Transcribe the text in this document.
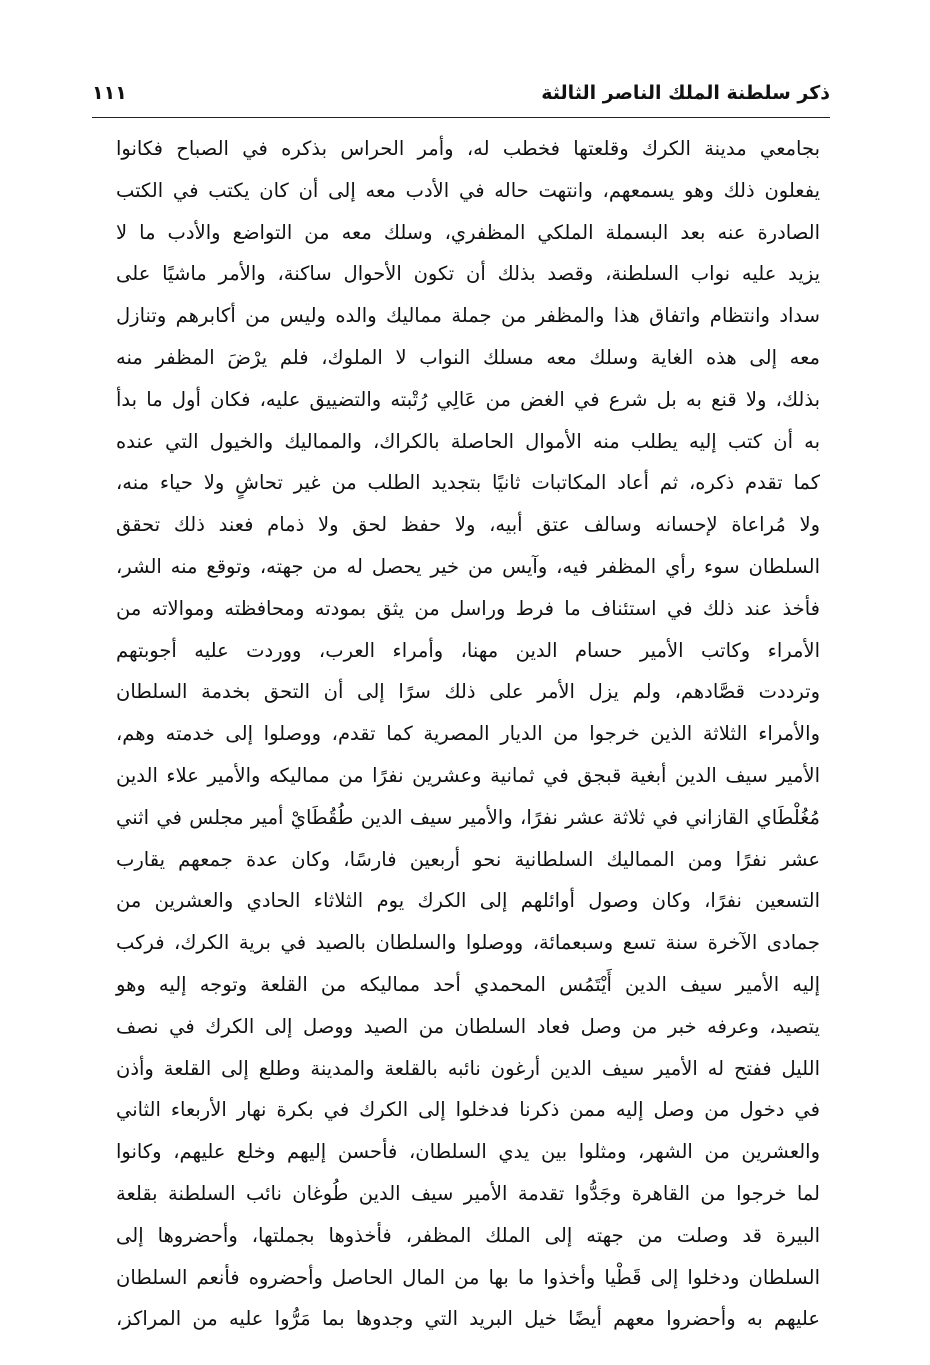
ذكر سلطنة الملك الناصر الثالثة
١١١
بجامعي مدينة الكرك وقلعتها فخطب له، وأمر الحراس بذكره في الصباح فكانوا
يفعلون ذلك وهو يسمعهم، وانتهت حاله في الأدب معه إلى أن كان يكتب في الكتب
الصادرة عنه بعد البسملة الملكي المظفري، وسلك معه من التواضع والأدب ما لا
يزيد عليه نواب السلطنة، وقصد بذلك أن تكون الأحوال ساكنة، والأمر ماشيًا على
سداد وانتظام واتفاق هذا والمظفر من جملة مماليك والده وليس من أكابرهم وتنازل
معه إلى هذه الغاية وسلك معه مسلك النواب لا الملوك، فلم يرْضَ المظفر منه
بذلك، ولا قنع به بل شرع في الغض من عَالِي رُتْبته والتضييق عليه، فكان أول ما بدأ
به أن كتب إليه يطلب منه الأموال الحاصلة بالكراك، والمماليك والخيول التي عنده
كما تقدم ذكره، ثم أعاد المكاتبات ثانيًا بتجديد الطلب من غير تحاشٍ ولا حياء منه،
ولا مُراعاة لإحسانه وسالف عتق أبيه، ولا حفظ لحق ولا ذمام فعند ذلك تحقق
السلطان سوء رأي المظفر فيه، وآيس من خير يحصل له من جهته، وتوقع منه الشر،
فأخذ عند ذلك في استئناف ما فرط وراسل من يثق بمودته ومحافظته وموالاته من
الأمراء وكاتب الأمير حسام الدين مهنا، وأمراء العرب، ووردت عليه أجوبتهم
وترددت قصَّادهم، ولم يزل الأمر على ذلك سرًا إلى أن التحق بخدمة السلطان
والأمراء الثلاثة الذين خرجوا من الديار المصرية كما تقدم، ووصلوا إلى خدمته وهم،
الأمير سيف الدين أبغية قبجق في ثمانية وعشرين نفرًا من مماليكه والأمير علاء الدين
مُغُلْطَاي القازاني في ثلاثة عشر نفرًا، والأمير سيف الدين طُقُطَايْ أمير مجلس في اثني
عشر نفرًا ومن المماليك السلطانية نحو أربعين فارسًا، وكان عدة جمعهم يقارب
التسعين نفرًا، وكان وصول أوائلهم إلى الكرك يوم الثلاثاء الحادي والعشرين من
جمادى الآخرة سنة تسع وسبعمائة، ووصلوا والسلطان بالصيد في برية الكرك، فركب
إليه الأمير سيف الدين أَيْتَمُس المحمدي أحد مماليكه من القلعة وتوجه إليه وهو
يتصيد، وعرفه خبر من وصل فعاد السلطان من الصيد ووصل إلى الكرك في نصف
الليل ففتح له الأمير سيف الدين أرغون نائبه بالقلعة والمدينة وطلع إلى القلعة وأذن
في دخول من وصل إليه ممن ذكرنا فدخلوا إلى الكرك في بكرة نهار الأربعاء الثاني
والعشرين من الشهر، ومثلوا بين يدي السلطان، فأحسن إليهم وخلع عليهم، وكانوا
لما خرجوا من القاهرة وجَدُّوا تقدمة الأمير سيف الدين طُوغان نائب السلطنة بقلعة
البيرة قد وصلت من جهته إلى الملك المظفر، فأخذوها بجملتها، وأحضروها إلى
السلطان ودخلوا إلى قَطْيا وأخذوا ما بها من المال الحاصل وأحضروه فأنعم السلطان
عليهم به وأحضروا معهم أيضًا خيل البريد التي وجدوها بما مَرُّوا عليه من المراكز،
